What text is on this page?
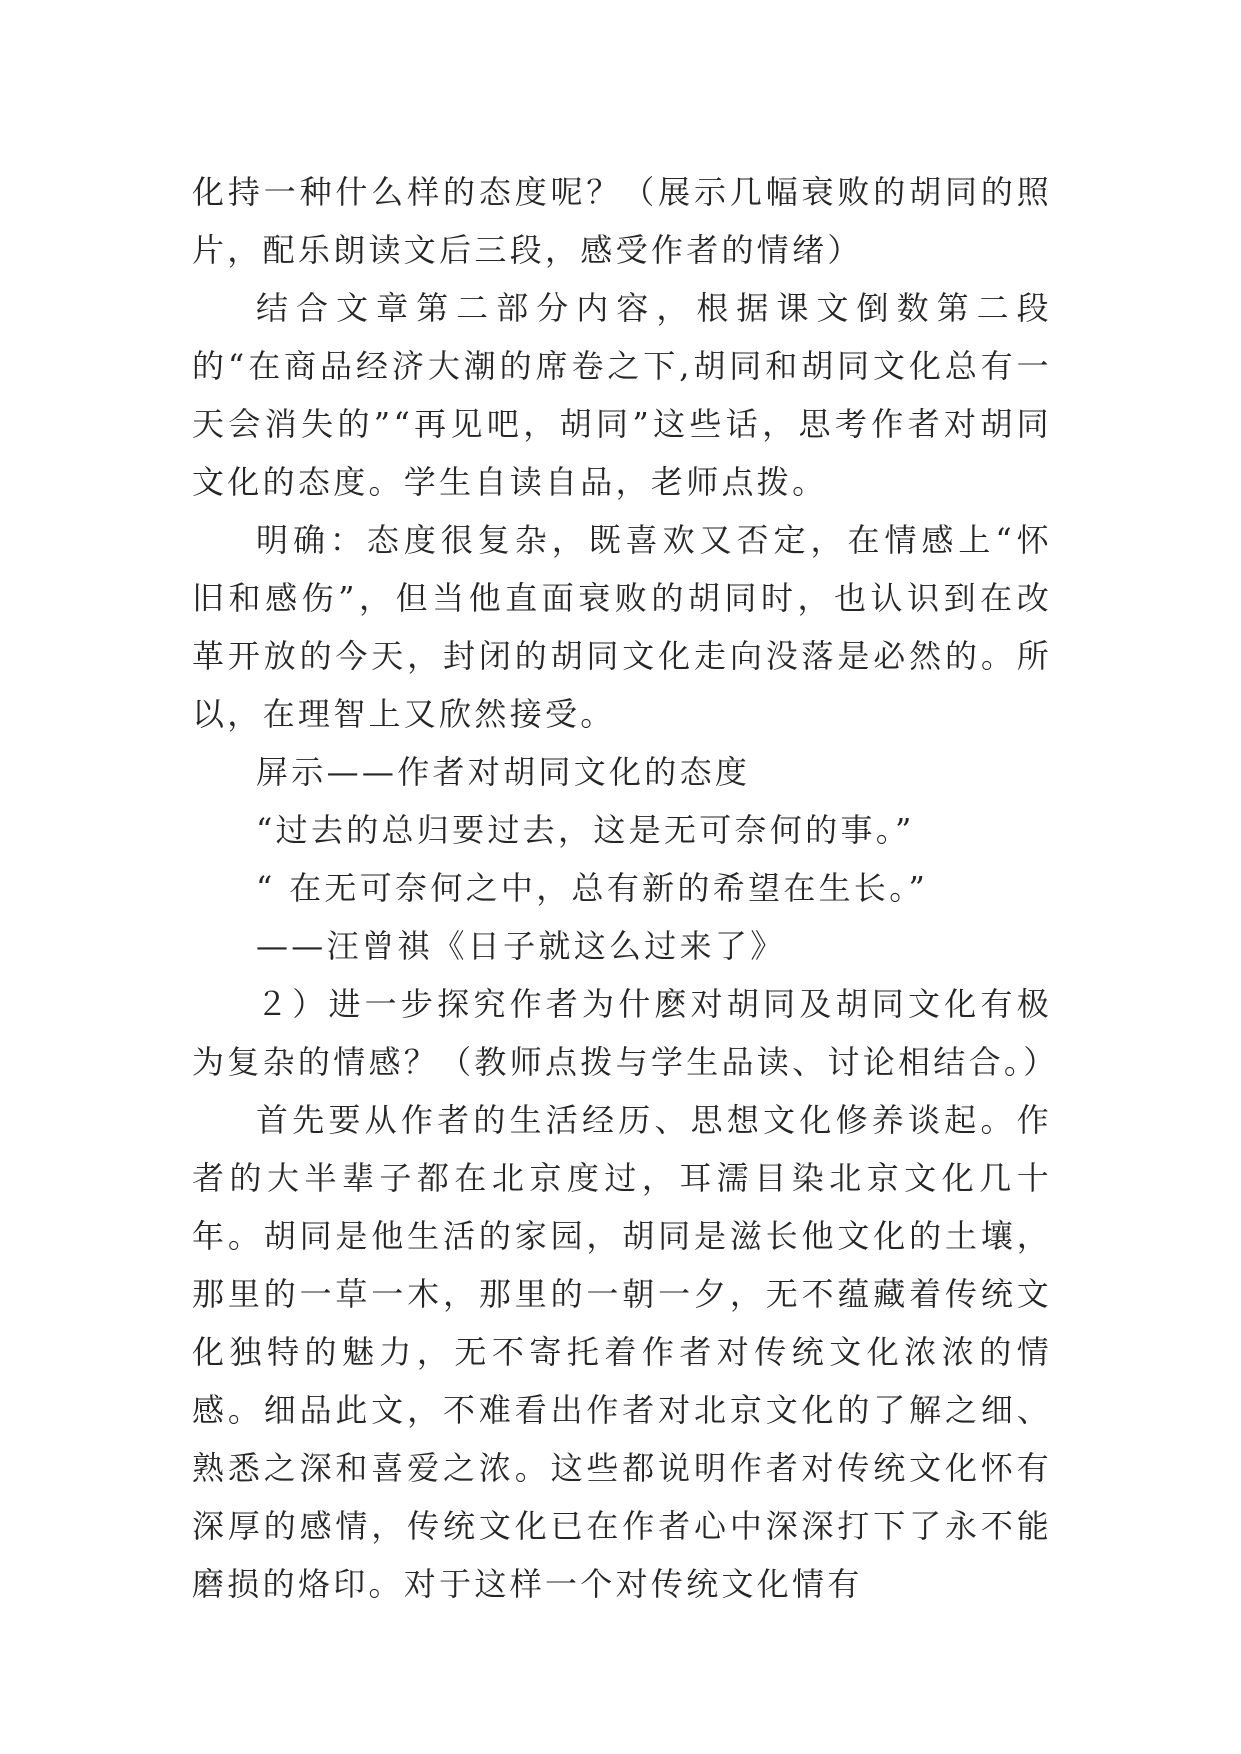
化持一种什么样的态度呢？（展示几幅衰败的胡同的照片，配乐朗读文后三段，感受作者的情绪）

结合文章第二部分内容，根据课文倒数第二段的“在商品经济大潮的席卷之下,胡同和胡同文化总有一天会消失的”“再见吧，胡同”这些话，思考作者对胡同文化的态度。学生自读自品，老师点拨。

明确：态度很复杂，既喜欢又否定，在情感上“怀旧和感伤”，但当他直面衰败的胡同时，也认识到在改革开放的今天，封闭的胡同文化走向没落是必然的。所以，在理智上又欣然接受。

屏示——作者对胡同文化的态度

“过去的总归要过去，这是无可奈何的事。”

“ 在无可奈何之中，总有新的希望在生长。”

——汪曾祺《日子就这么过来了》

２）进一步探究作者为什麽对胡同及胡同文化有极为复杂的情感？（教师点拨与学生品读、讨论相结合。）

首先要从作者的生活经历、思想文化修养谈起。作者的大半辈子都在北京度过，耳濡目染北京文化几十年。胡同是他生活的家园，胡同是滋长他文化的土壤，那里的一草一木，那里的一朝一夕，无不蕴藏着传统文化独特的魅力，无不寄托着作者对传统文化浓浓的情感。细品此文，不难看出作者对北京文化的了解之细、熟悉之深和喜爱之浓。这些都说明作者对传统文化怀有深厚的感情，传统文化已在作者心中深深打下了永不能磨损的烙印。对于这样一个对传统文化情有
